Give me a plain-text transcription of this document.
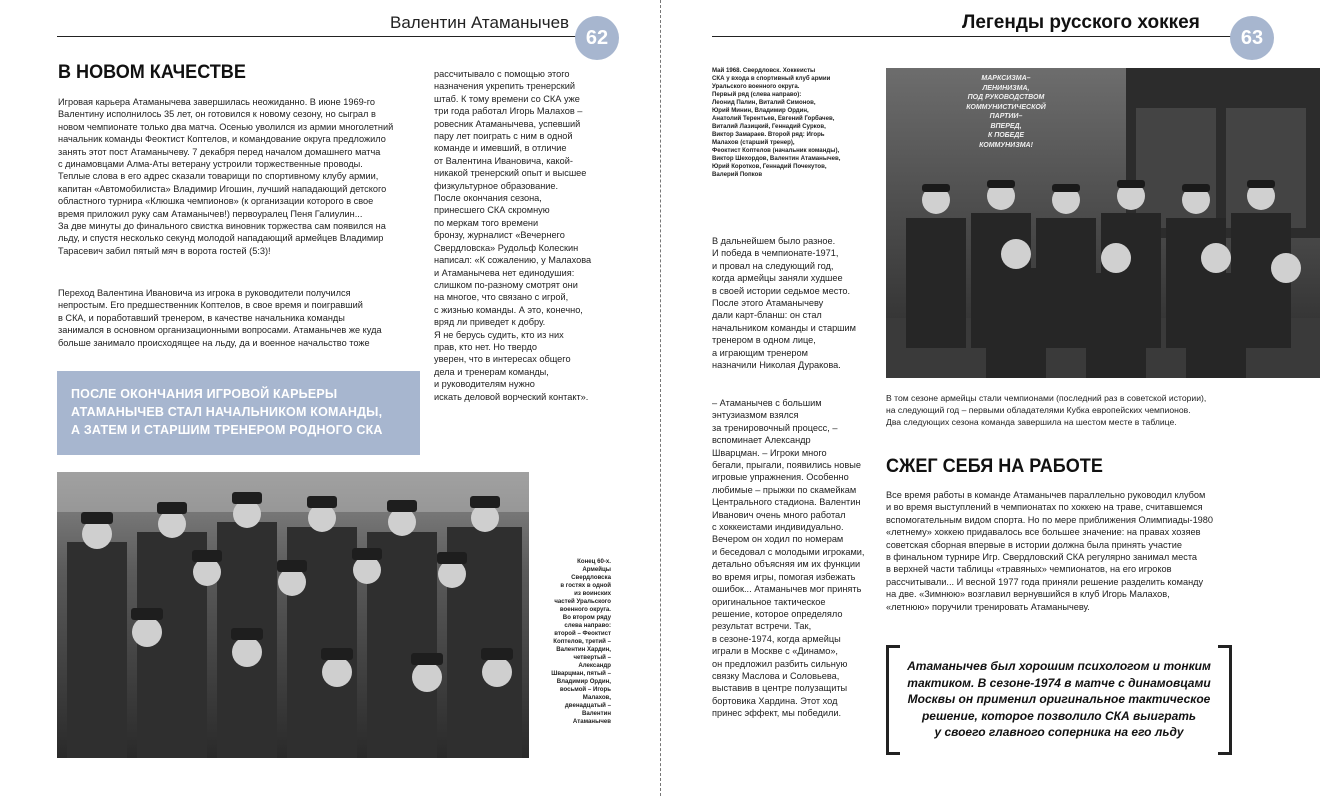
Валентин Атаманычев
62
В НОВОМ КАЧЕСТВЕ
Игровая карьера Атаманычева завершилась неожиданно. В июне 1969-го
Валентину исполнилось 35 лет, он готовился к новому сезону, но сыграл в
новом чемпионате только два матча. Осенью уволился из армии многолетний
начальник команды Феоктист Коптелов, и командование округа предложило
занять этот пост Атаманычеву. 7 декабря перед началом домашнего матча
с динамовцами Алма-Аты ветерану устроили торжественные проводы.
Теплые слова в его адрес сказали товарищи по спортивному клубу армии,
капитан «Автомобилиста» Владимир Игошин, лучший нападающий детского
областного турнира «Клюшка чемпионов» (к организации которого в свое
время приложил руку сам Атаманычев!) первоуралец Пеня Галиулин...
За две минуты до финального свистка виновник торжества сам появился на
льду, и спустя несколько секунд молодой нападающий армейцев Владимир
Тарасевич забил пятый мяч в ворота гостей (5:3)!
Переход Валентина Ивановича из игрока в руководители получился
непростым. Его предшественник Коптелов, в свое время и поигравший
в СКА, и поработавший тренером, в качестве начальника команды
занимался в основном организационными вопросами. Атаманычев же куда
больше занимало происходящее на льду, да и военное начальство тоже
рассчитывало с помощью этого
назначения укрепить тренерский
штаб. К тому времени со СКА уже
три года работал Игорь Малахов –
ровесник Атаманычева, успевший
пару лет поиграть с ним в одной
команде и имевший, в отличие
от Валентина Ивановича, какой-
никакой тренерский опыт и высшее
физкультурное образование.
После окончания сезона,
принесшего СКА скромную
по меркам того времени
бронзу, журналист «Вечернего
Свердловска» Рудольф Колескин
написал: «К сожалению, у Малахова
и Атаманычева нет единодушия:
слишком по-разному смотрят они
на многое, что связано с игрой,
с жизнью команды. А это, конечно,
вряд ли приведет к добру.
Я не берусь судить, кто из них
прав, кто нет. Но твердо
уверен, что в интересах общего
дела и тренерам команды,
и руководителям нужно
искать деловой ворческий контакт».
ПОСЛЕ ОКОНЧАНИЯ ИГРОВОЙ КАРЬЕРЫ
АТАМАНЫЧЕВ СТАЛ НАЧАЛЬНИКОМ КОМАНДЫ,
А ЗАТЕМ И СТАРШИМ ТРЕНЕРОМ РОДНОГО СКА
Конец 60-х.
Армейцы
Свердловска
в гостях в одной
из воинских
частей Уральского
военного округа.
Во втором ряду
слева направо:
второй – Феоктист
Коптелов, третий –
Валентин Хардин,
четвертый –
Александр
Шварцман, пятый –
Владимир Ордин,
восьмой – Игорь
Малахов,
двенадцатый –
Валентин
Атаманычев
Легенды русского хоккея
63
Май 1968. Свердловск. Хоккеисты
СКА у входа в спортивный клуб армии
Уральского военного округа.
Первый ряд (слева направо):
Леонид Палин, Виталий Симонов,
Юрий Минин, Владимир Ордин,
Анатолий Терентьев, Евгений Горбачев,
Виталий Лазицкий, Геннадий Сурков,
Виктор Замараев. Второй ряд: Игорь
Малахов (старший тренер),
Феоктист Коптелов (начальник команды),
Виктор Шехордов, Валентин Атаманычев,
Юрий Коротков, Геннадий Почекутов,
Валерий Попков
В дальнейшем было разное.
И победа в чемпионате-1971,
и провал на следующий год,
когда армейцы заняли худшее
в своей истории седьмое место.
После этого Атаманычеву
дали карт-бланш: он стал
начальником команды и старшим
тренером в одном лице,
а играющим тренером
назначили Николая Дуракова.
– Атаманычев с большим
энтузиазмом взялся
за тренировочный процесс, –
вспоминает Александр
Шварцман. – Игроки много
бегали, прыгали, появились новые
игровые упражнения. Особенно
любимые – прыжки по скамейкам
Центрального стадиона. Валентин
Иванович очень много работал
с хоккеистами индивидуально.
Вечером он ходил по номерам
и беседовал с молодыми игроками,
детально объясняя им их функции
во время игры, помогая избежать
ошибок... Атаманычев мог принять
оригинальное тактическое
решение, которое определяло
результат встречи. Так,
в сезоне-1974, когда армейцы
играли в Москве с «Динамо»,
он предложил разбить сильную
связку Маслова и Соловьева,
выставив в центре полузащиты
бортовика Хардина. Этот ход
принес эффект, мы победили.
МАРКСИЗМА–
ЛЕНИНИЗМА,
ПОД РУКОВОДСТВОМ
КОММУНИСТИЧЕСКОЙ
ПАРТИИ–
ВПЕРЕД,
К ПОБЕДЕ
КОММУНИЗМА!
В том сезоне армейцы стали чемпионами (последний раз в советской истории),
на следующий год – первыми обладателями Кубка европейских чемпионов.
Два следующих сезона команда завершила на шестом месте в таблице.
СЖЕГ СЕБЯ НА РАБОТЕ
Все время работы в команде Атаманычев параллельно руководил клубом
и во время выступлений в чемпионатах по хоккею на траве, считавшемся
вспомогательным видом спорта. Но по мере приближения Олимпиады-1980
«летнему» хоккею придавалось все большее значение: на правах хозяев
советская сборная впервые в истории должна была принять участие
в финальном турнире Игр. Свердловский СКА регулярно занимал места
в верхней части таблицы «травяных» чемпионатов, на его игроков
рассчитывали... И весной 1977 года приняли решение разделить команду
на две. «Зимнюю» возглавил вернувшийся в клуб Игорь Малахов,
«летнюю» поручили тренировать Атаманычеву.
Атаманычев был хорошим психологом и тонким
тактиком. В сезоне-1974 в матче с динамовцами
Москвы он применил оригинальное тактическое
решение, которое позволило СКА выиграть
у своего главного соперника на его льду
